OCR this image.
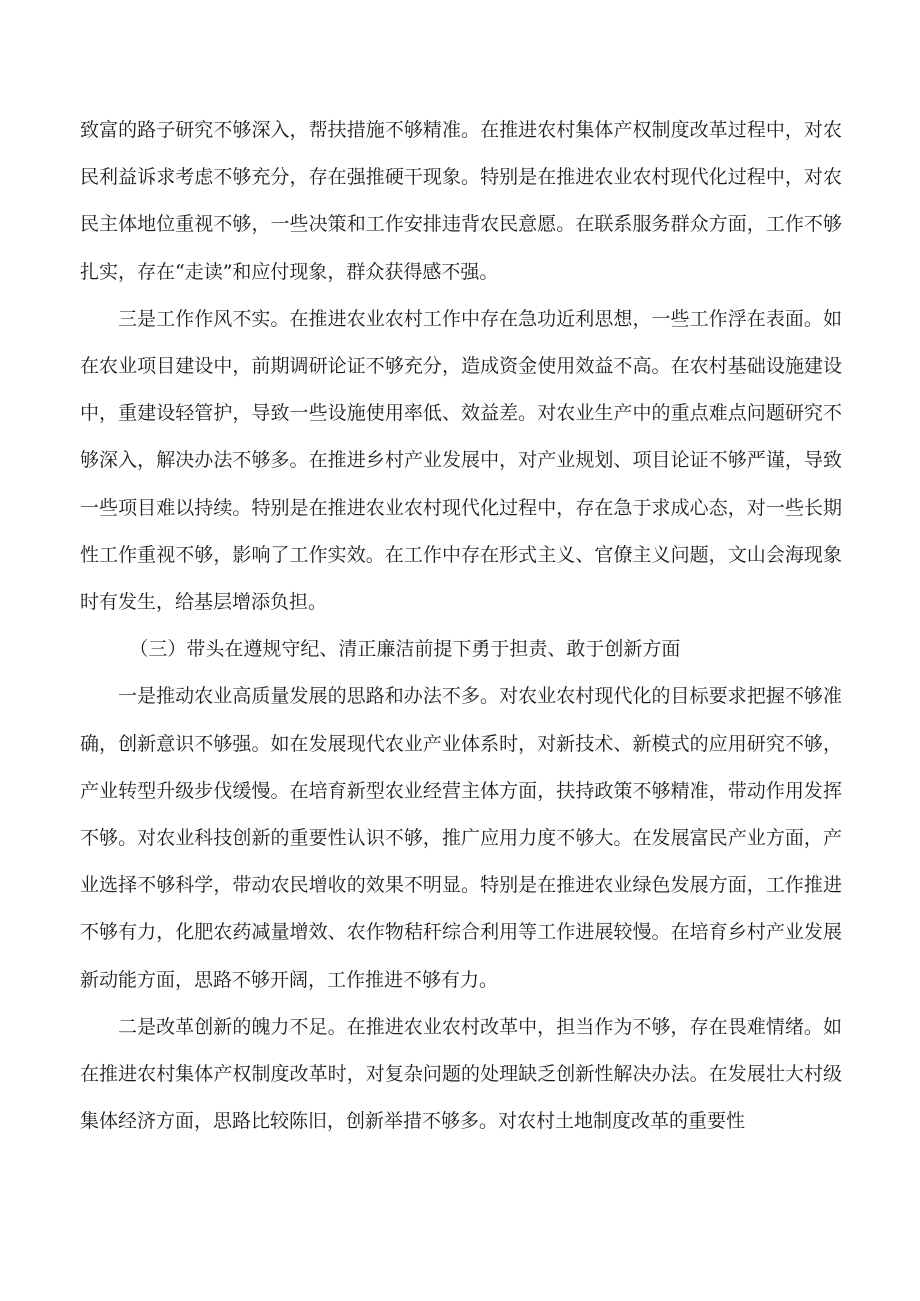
致富的路子研究不够深入，帮扶措施不够精准。在推进农村集体产权制度改革过程中，对农民利益诉求考虑不够充分，存在强推硬干现象。特别是在推进农业农村现代化过程中，对农民主体地位重视不够，一些决策和工作安排违背农民意愿。在联系服务群众方面，工作不够扎实，存在“走读”和应付现象，群众获得感不强。

三是工作作风不实。在推进农业农村工作中存在急功近利思想，一些工作浮在表面。如在农业项目建设中，前期调研论证不够充分，造成资金使用效益不高。在农村基础设施建设中，重建设轻管护，导致一些设施使用率低、效益差。对农业生产中的重点难点问题研究不够深入，解决办法不够多。在推进乡村产业发展中，对产业规划、项目论证不够严谨，导致一些项目难以持续。特别是在推进农业农村现代化过程中，存在急于求成心态，对一些长期性工作重视不够，影响了工作实效。在工作中存在形式主义、官僚主义问题，文山会海现象时有发生，给基层增添负担。

（三）带头在遵规守纪、清正廉洁前提下勇于担责、敢于创新方面

一是推动农业高质量发展的思路和办法不多。对农业农村现代化的目标要求把握不够准确，创新意识不够强。如在发展现代农业产业体系时，对新技术、新模式的应用研究不够，产业转型升级步伐缓慢。在培育新型农业经营主体方面，扶持政策不够精准，带动作用发挥不够。对农业科技创新的重要性认识不够，推广应用力度不够大。在发展富民产业方面，产业选择不够科学，带动农民增收的效果不明显。特别是在推进农业绿色发展方面，工作推进不够有力，化肥农药减量增效、农作物秸秆综合利用等工作进展较慢。在培育乡村产业发展新动能方面，思路不够开阔，工作推进不够有力。

二是改革创新的魄力不足。在推进农业农村改革中，担当作为不够，存在畏难情绪。如在推进农村集体产权制度改革时，对复杂问题的处理缺乏创新性解决办法。在发展壮大村级集体经济方面，思路比较陈旧，创新举措不够多。对农村土地制度改革的重要性
